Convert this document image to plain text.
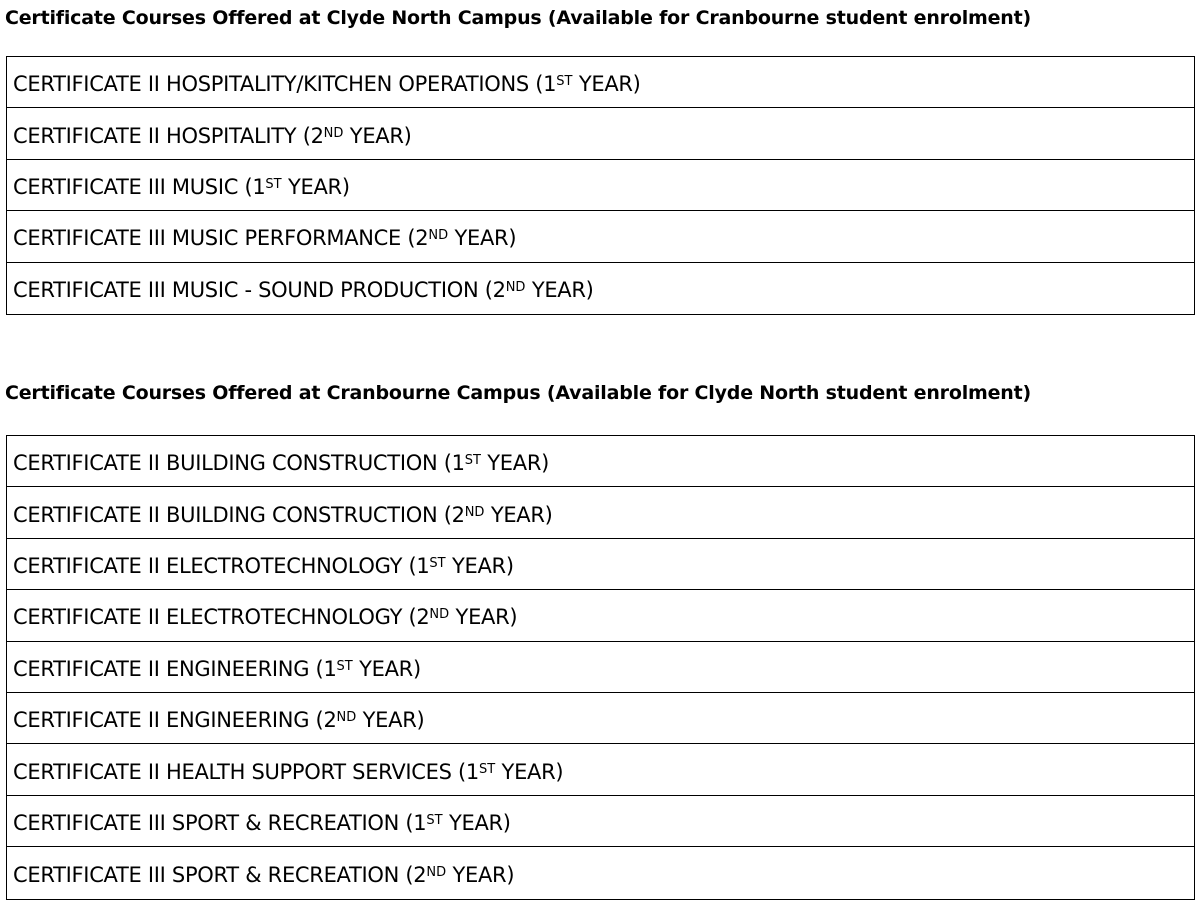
Certificate Courses Offered at Clyde North Campus (Available for Cranbourne student enrolment)
CERTIFICATE II HOSPITALITY/KITCHEN OPERATIONS (1ST YEAR)
CERTIFICATE II HOSPITALITY (2ND YEAR)
CERTIFICATE III MUSIC (1ST YEAR)
CERTIFICATE III MUSIC PERFORMANCE (2ND YEAR)
CERTIFICATE III MUSIC - SOUND PRODUCTION (2ND YEAR)
Certificate Courses Offered at Cranbourne Campus (Available for Clyde North student enrolment)
CERTIFICATE II BUILDING CONSTRUCTION (1ST YEAR)
CERTIFICATE II BUILDING CONSTRUCTION (2ND YEAR)
CERTIFICATE II ELECTROTECHNOLOGY (1ST YEAR)
CERTIFICATE II ELECTROTECHNOLOGY (2ND YEAR)
CERTIFICATE II ENGINEERING (1ST YEAR)
CERTIFICATE II ENGINEERING (2ND YEAR)
CERTIFICATE II HEALTH SUPPORT SERVICES (1ST YEAR)
CERTIFICATE III SPORT & RECREATION (1ST YEAR)
CERTIFICATE III SPORT & RECREATION (2ND YEAR)
